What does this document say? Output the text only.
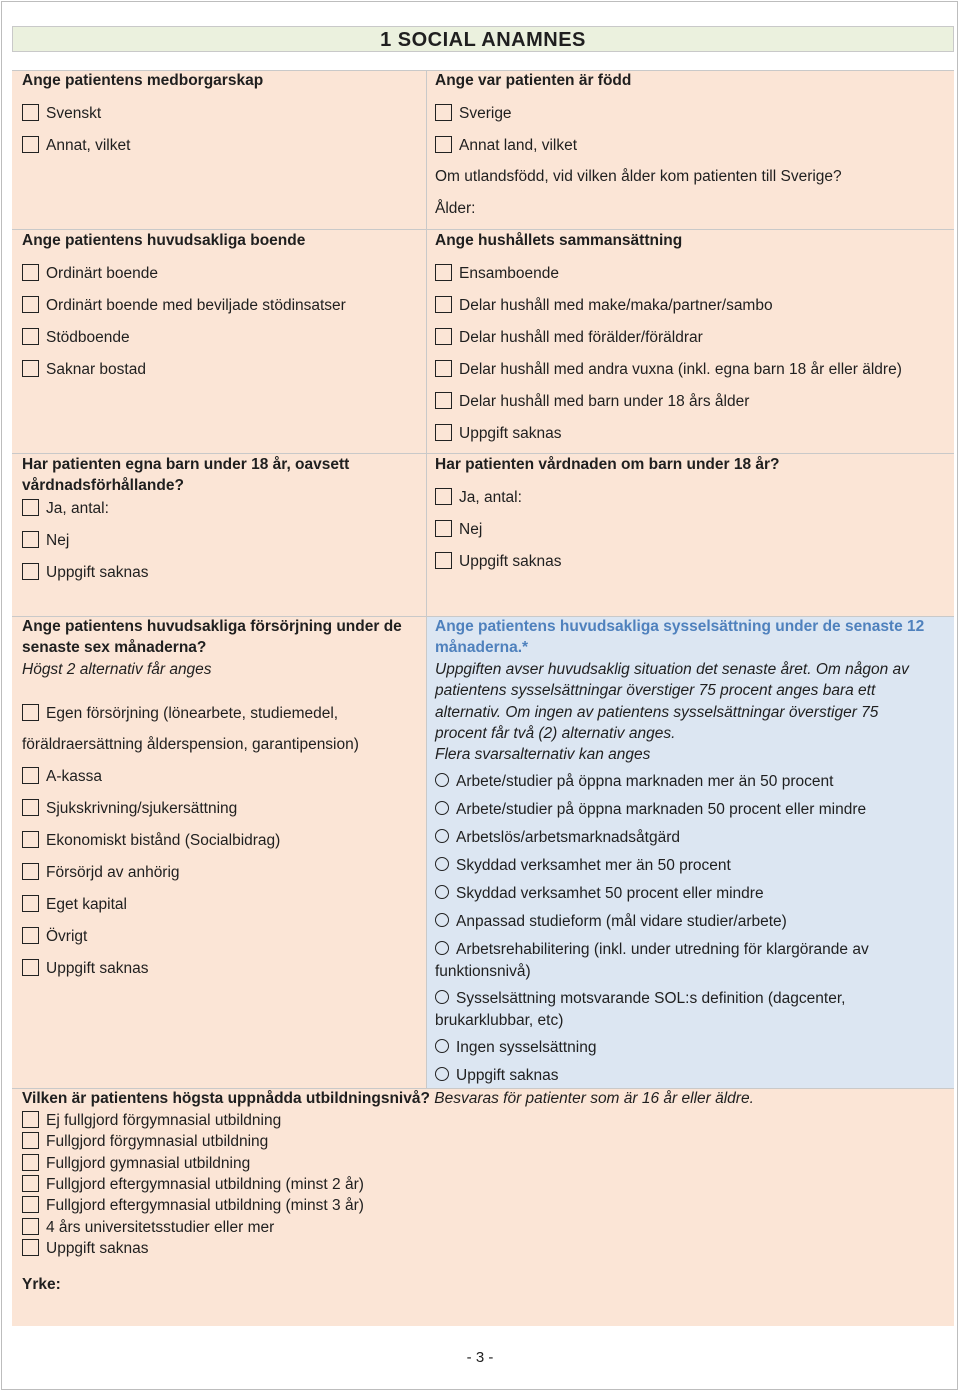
1 SOCIAL ANAMNES
Ange patientens medborgarskap
Svenskt
Annat, vilket
Ange var patienten är född
Sverige
Annat land, vilket
Om utlandsfödd, vid vilken ålder kom patienten till Sverige?
Ålder:
Ange patientens huvudsakliga boende
Ordinärt boende
Ordinärt boende med beviljade stödinsatser
Stödboende
Saknar bostad
Ange hushållets sammansättning
Ensamboende
Delar hushåll med make/maka/partner/sambo
Delar hushåll med förälder/föräldrar
Delar hushåll med andra vuxna (inkl. egna barn 18 år eller äldre)
Delar hushåll med barn under 18 års ålder
Uppgift saknas
Har patienten egna barn under 18 år, oavsett
vårdnadsförhållande?
Ja, antal:
Nej
Uppgift saknas
Har patienten vårdnaden om barn under 18 år?
Ja, antal:
Nej
Uppgift saknas
Ange patientens huvudsakliga försörjning under de
senaste sex månaderna?
Högst 2 alternativ får anges
Egen försörjning (lönearbete, studiemedel,
föräldraersättning ålderspension, garantipension)
A-kassa
Sjukskrivning/sjukersättning
Ekonomiskt bistånd (Socialbidrag)
Försörjd av anhörig
Eget kapital
Övrigt
Uppgift saknas
Ange patientens huvudsakliga sysselsättning under de senaste 12
månaderna.*
Uppgiften avser huvudsaklig situation det senaste året. Om någon av
patientens sysselsättningar överstiger 75 procent anges bara ett
alternativ. Om ingen av patientens sysselsättningar överstiger 75
procent får två (2) alternativ anges.
Flera svarsalternativ kan anges
Arbete/studier på öppna marknaden mer än 50 procent
Arbete/studier på öppna marknaden 50 procent eller mindre
Arbetslös/arbetsmarknadsåtgärd
Skyddad verksamhet mer än 50 procent
Skyddad verksamhet 50 procent eller mindre
Anpassad studieform (mål vidare studier/arbete)
Arbetsrehabilitering (inkl. under utredning för klargörande av
funktionsnivå)
Sysselsättning motsvarande SOL:s definition (dagcenter,
brukarklubbar, etc)
Ingen sysselsättning
Uppgift saknas
Vilken är patientens högsta uppnådda utbildningsnivå? Besvaras för patienter som är 16 år eller äldre.
Ej fullgjord förgymnasial utbildning
Fullgjord förgymnasial utbildning
Fullgjord gymnasial utbildning
Fullgjord eftergymnasial utbildning (minst 2 år)
Fullgjord eftergymnasial utbildning (minst 3 år)
4 års universitetsstudier eller mer
Uppgift saknas
Yrke:
- 3 -
